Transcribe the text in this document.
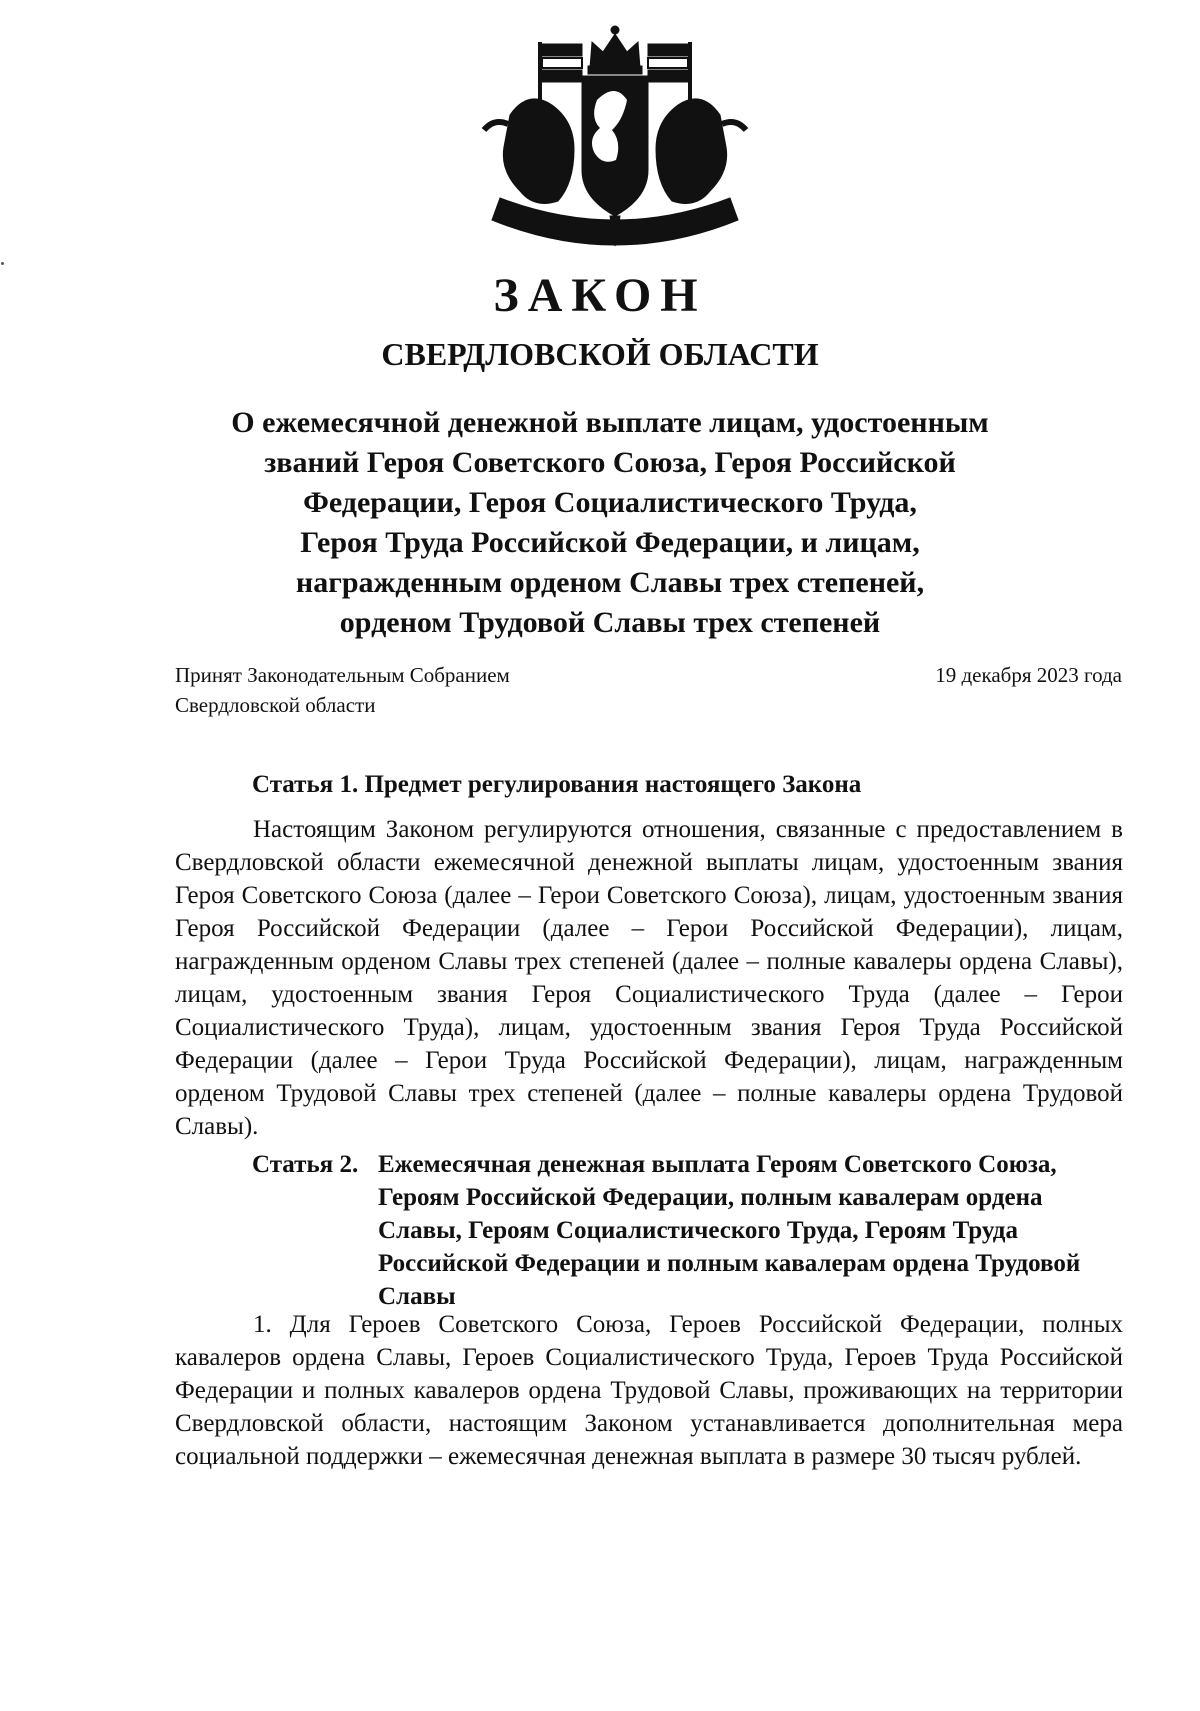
ЗАКОН
СВЕРДЛОВСКОЙ ОБЛАСТИ
О ежемесячной денежной выплате лицам, удостоенным
званий Героя Советского Союза, Героя Российской
Федерации, Героя Социалистического Труда,
Героя Труда Российской Федерации, и лицам,
награжденным орденом Славы трех степеней,
орденом Трудовой Славы трех степеней
Принят Законодательным Собранием
Свердловской области
19 декабря 2023 года
Статья 1. Предмет регулирования настоящего Закона
Настоящим Законом регулируются отношения, связанные с предоставлением в Свердловской области ежемесячной денежной выплаты лицам, удостоенным звания Героя Советского Союза (далее – Герои Советского Союза), лицам, удостоенным звания Героя Российской Федерации (далее – Герои Российской Федерации), лицам, награжденным орденом Славы трех степеней (далее – полные кавалеры ордена Славы), лицам, удостоенным звания Героя Социалистического Труда (далее – Герои Социалистического Труда), лицам, удостоенным звания Героя Труда Российской Федерации (далее – Герои Труда Российской Федерации), лицам, награжденным орденом Трудовой Славы трех степеней (далее – полные кавалеры ордена Трудовой Славы).
Статья 2. Ежемесячная денежная выплата Героям Советского Союза, Героям Российской Федерации, полным кавалерам ордена Славы, Героям Социалистического Труда, Героям Труда Российской Федерации и полным кавалерам ордена Трудовой Славы
1. Для Героев Советского Союза, Героев Российской Федерации, полных кавалеров ордена Славы, Героев Социалистического Труда, Героев Труда Российской Федерации и полных кавалеров ордена Трудовой Славы, проживающих на территории Свердловской области, настоящим Законом устанавливается дополнительная мера социальной поддержки – ежемесячная денежная выплата в размере 30 тысяч рублей.
